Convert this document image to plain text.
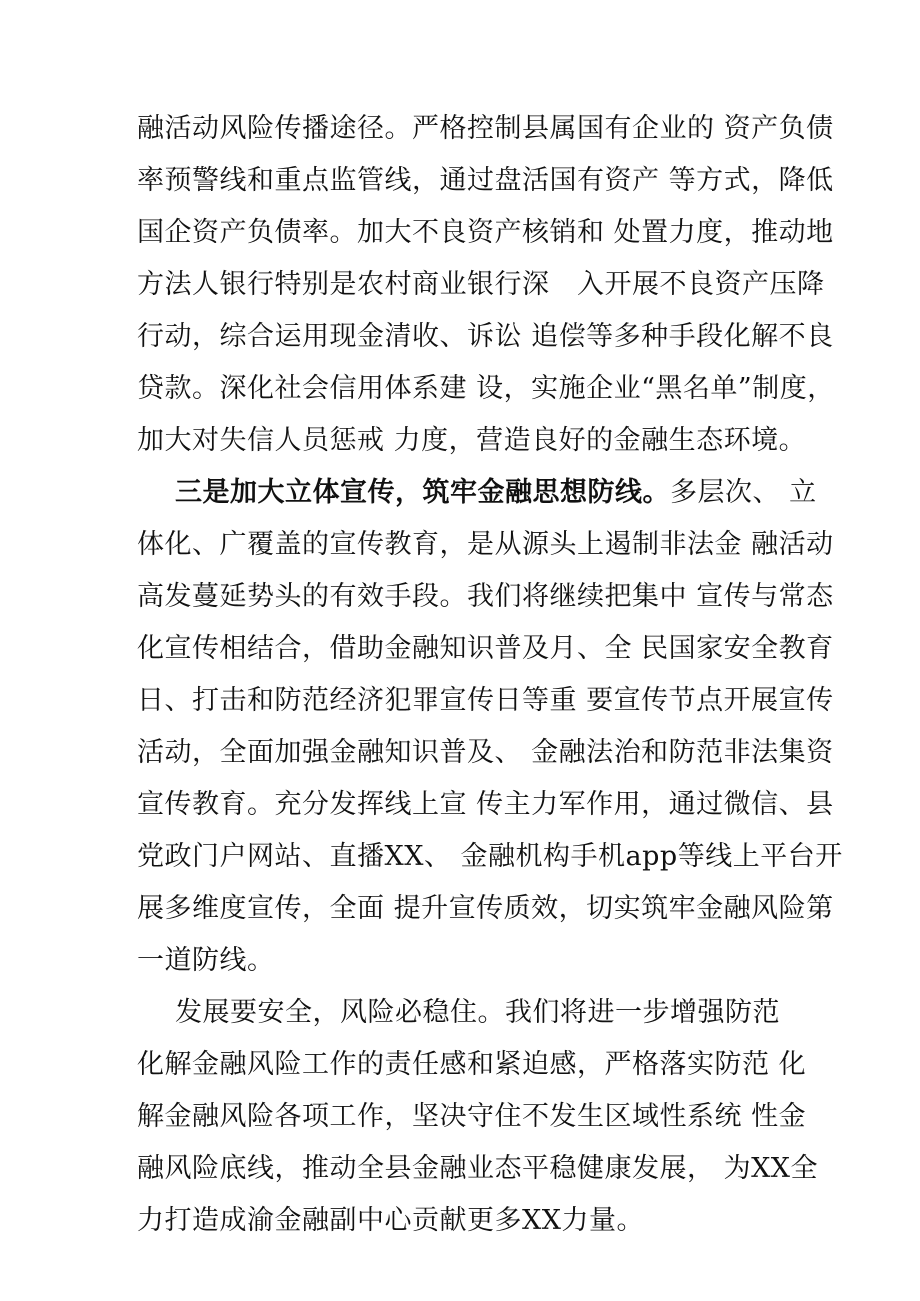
融活动风险传播途径。严格控制县属国有企业的 资产负债
率预警线和重点监管线，通过盘活国有资产 等方式，降低
国企资产负债率。加大不良资产核销和 处置力度，推动地
方法人银行特别是农村商业银行深　入开展不良资产压降
行动，综合运用现金清收、诉讼 追偿等多种手段化解不良
贷款。深化社会信用体系建 设，实施企业“黑名单”制度，
加大对失信人员惩戒 力度，营造良好的金融生态环境。
三是加大立体宣传，筑牢金融思想防线。多层次、 立
体化、广覆盖的宣传教育，是从源头上遏制非法金 融活动
高发蔓延势头的有效手段。我们将继续把集中 宣传与常态
化宣传相结合，借助金融知识普及月、全 民国家安全教育
日、打击和防范经济犯罪宣传日等重 要宣传节点开展宣传
活动，全面加强金融知识普及、 金融法治和防范非法集资
宣传教育。充分发挥线上宣 传主力军作用，通过微信、县
党政门户网站、直播XX、 金融机构手机app等线上平台开
展多维度宣传，全面 提升宣传质效，切实筑牢金融风险第
一道防线。
发展要安全，风险必稳住。我们将进一步增强防范
化解金融风险工作的责任感和紧迫感，严格落实防范 化
解金融风险各项工作，坚决守住不发生区域性系统 性金
融风险底线，推动全县金融业态平稳健康发展， 为XX全
力打造成渝金融副中心贡献更多XX力量。
